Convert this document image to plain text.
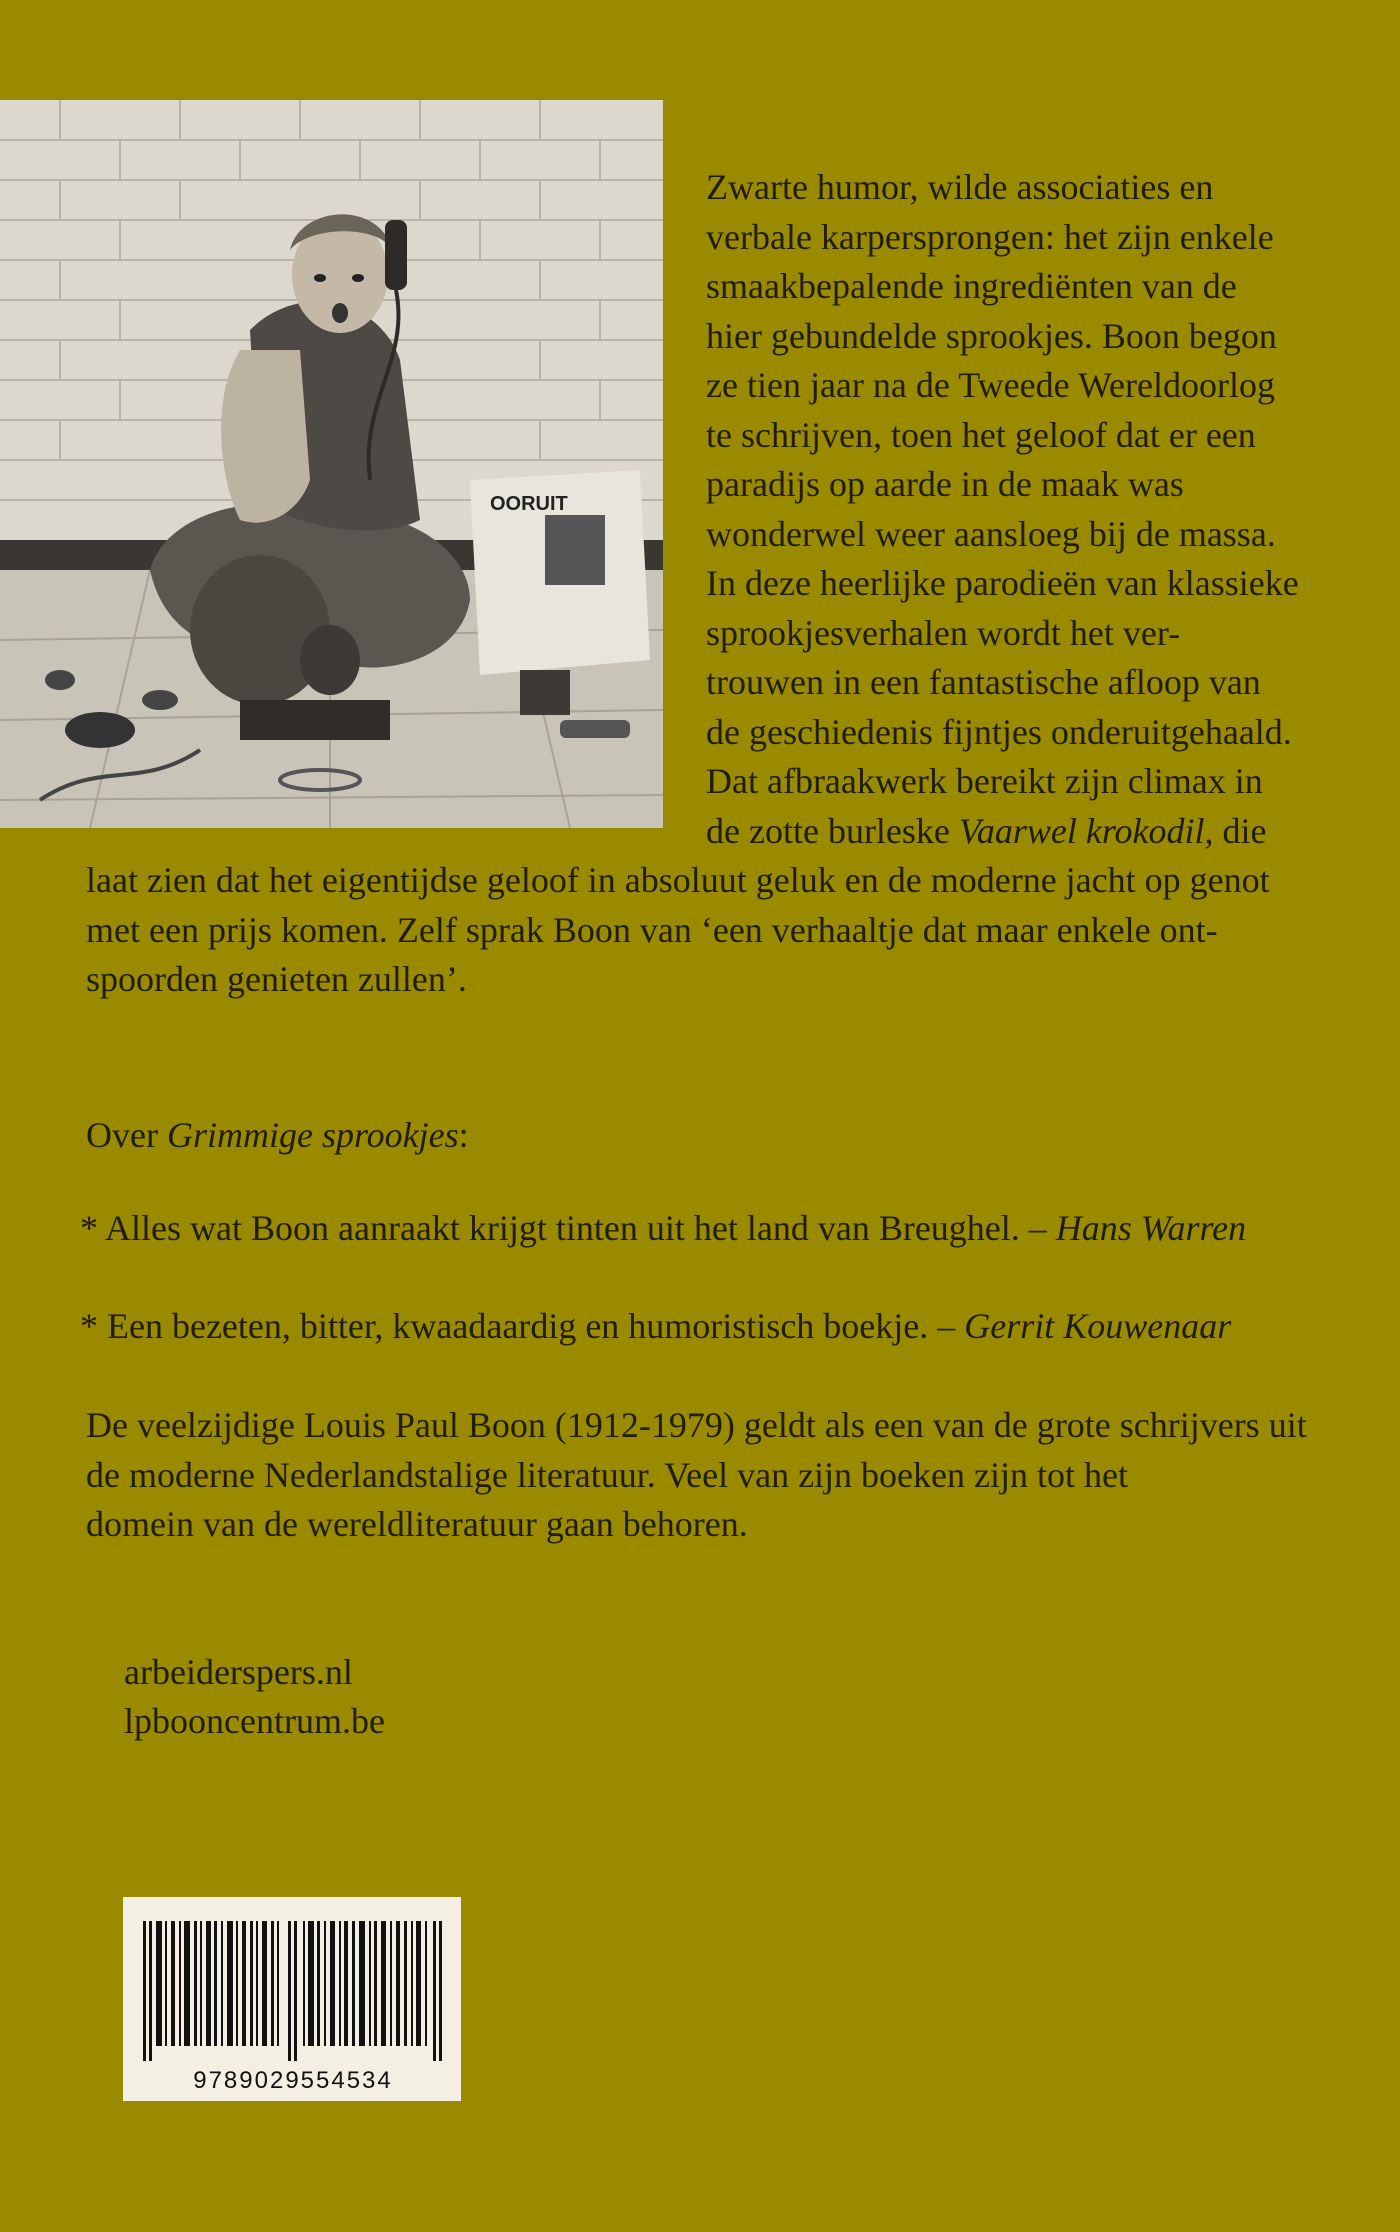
OORUIT
Zwarte humor, wilde associaties en
verbale karpersprongen: het zijn enkele
smaakbepalende ingrediënten van de
hier gebundelde sprookjes. Boon begon
ze tien jaar na de Tweede Wereldoorlog
te schrijven, toen het geloof dat er een
paradijs op aarde in de maak was
wonderwel weer aansloeg bij de massa.
In deze heerlijke parodieën van klassieke
sprookjesverhalen wordt het ver-
trouwen in een fantastische afloop van
de geschiedenis fijntjes onderuitgehaald.
Dat afbraakwerk bereikt zijn climax in
de zotte burleske Vaarwel krokodil, die
laat zien dat het eigentijdse geloof in absoluut geluk en de moderne jacht op genot
met een prijs komen. Zelf sprak Boon van ‘een verhaaltje dat maar enkele ont-
spoorden genieten zullen’.
Over Grimmige sprookjes:
* Alles wat Boon aanraakt krijgt tinten uit het land van Breughel. – Hans Warren
* Een bezeten, bitter, kwaadaardig en humoristisch boekje. – Gerrit Kouwenaar
De veelzijdige Louis Paul Boon (1912-1979) geldt als een van de grote schrijvers uit
de moderne Nederlandstalige literatuur. Veel van zijn boeken zijn tot het
domein van de wereldliteratuur gaan behoren.
arbeiderspers.nl
lpbooncentrum.be
9789029554534
